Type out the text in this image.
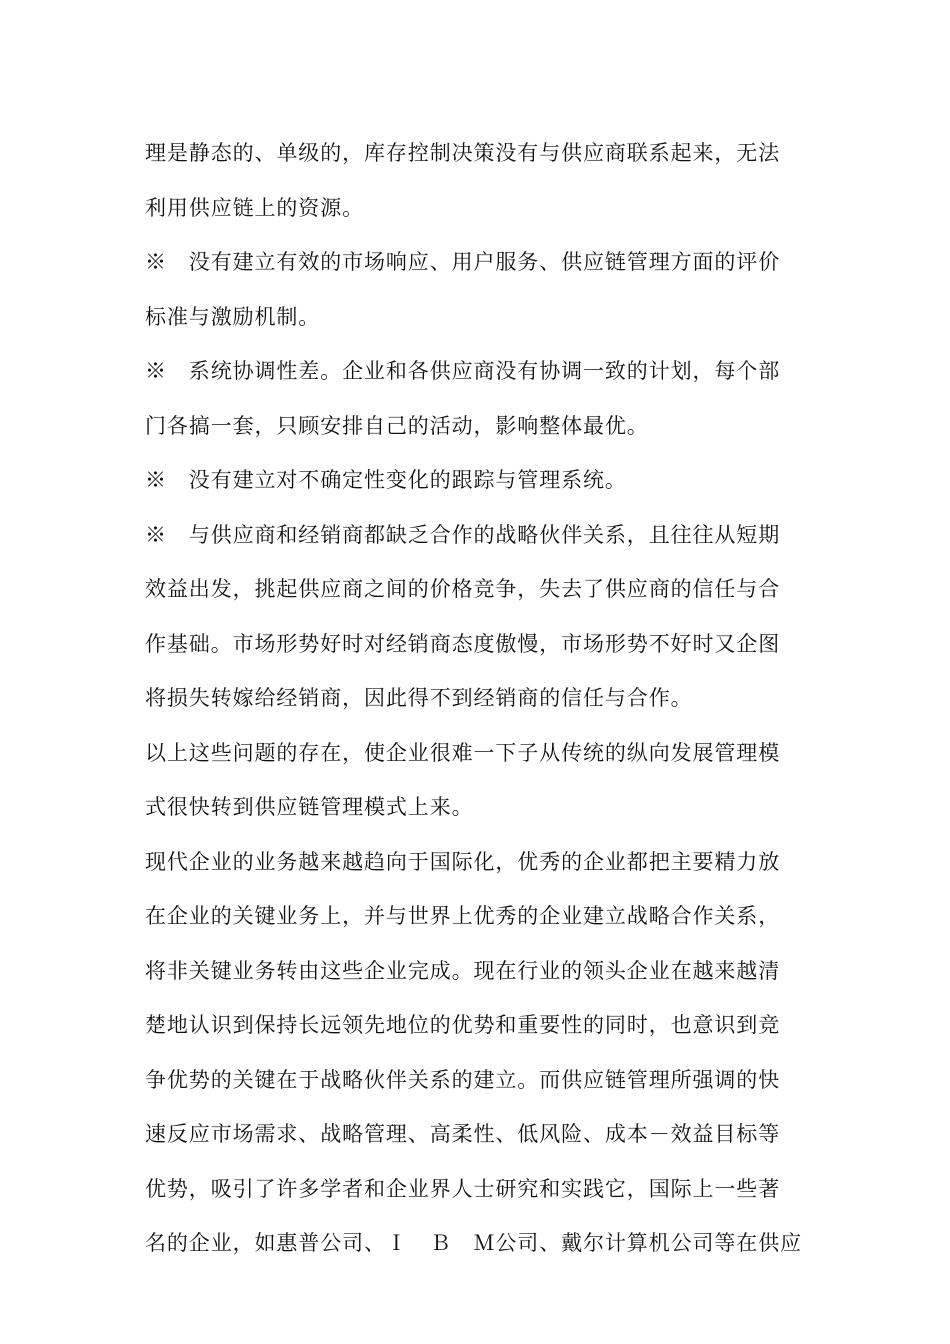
理是静态的、单级的，库存控制决策没有与供应商联系起来，无法
利用供应链上的资源。
※　没有建立有效的市场响应、用户服务、供应链管理方面的评价
标准与激励机制。
※　系统协调性差。企业和各供应商没有协调一致的计划，每个部
门各搞一套，只顾安排自己的活动，影响整体最优。
※　没有建立对不确定性变化的跟踪与管理系统。
※　与供应商和经销商都缺乏合作的战略伙伴关系，且往往从短期
效益出发，挑起供应商之间的价格竞争，失去了供应商的信任与合
作基础。市场形势好时对经销商态度傲慢，市场形势不好时又企图
将损失转嫁给经销商，因此得不到经销商的信任与合作。
以上这些问题的存在，使企业很难一下子从传统的纵向发展管理模
式很快转到供应链管理模式上来。
现代企业的业务越来越趋向于国际化，优秀的企业都把主要精力放
在企业的关键业务上，并与世界上优秀的企业建立战略合作关系，
将非关键业务转由这些企业完成。现在行业的领头企业在越来越清
楚地认识到保持长远领先地位的优势和重要性的同时，也意识到竞
争优势的关键在于战略伙伴关系的建立。而供应链管理所强调的快
速反应市场需求、战略管理、高柔性、低风险、成本－效益目标等
优势，吸引了许多学者和企业界人士研究和实践它，国际上一些著
名的企业，如惠普公司、Ｉ　Ｂ　Ｍ公司、戴尔计算机公司等在供应
